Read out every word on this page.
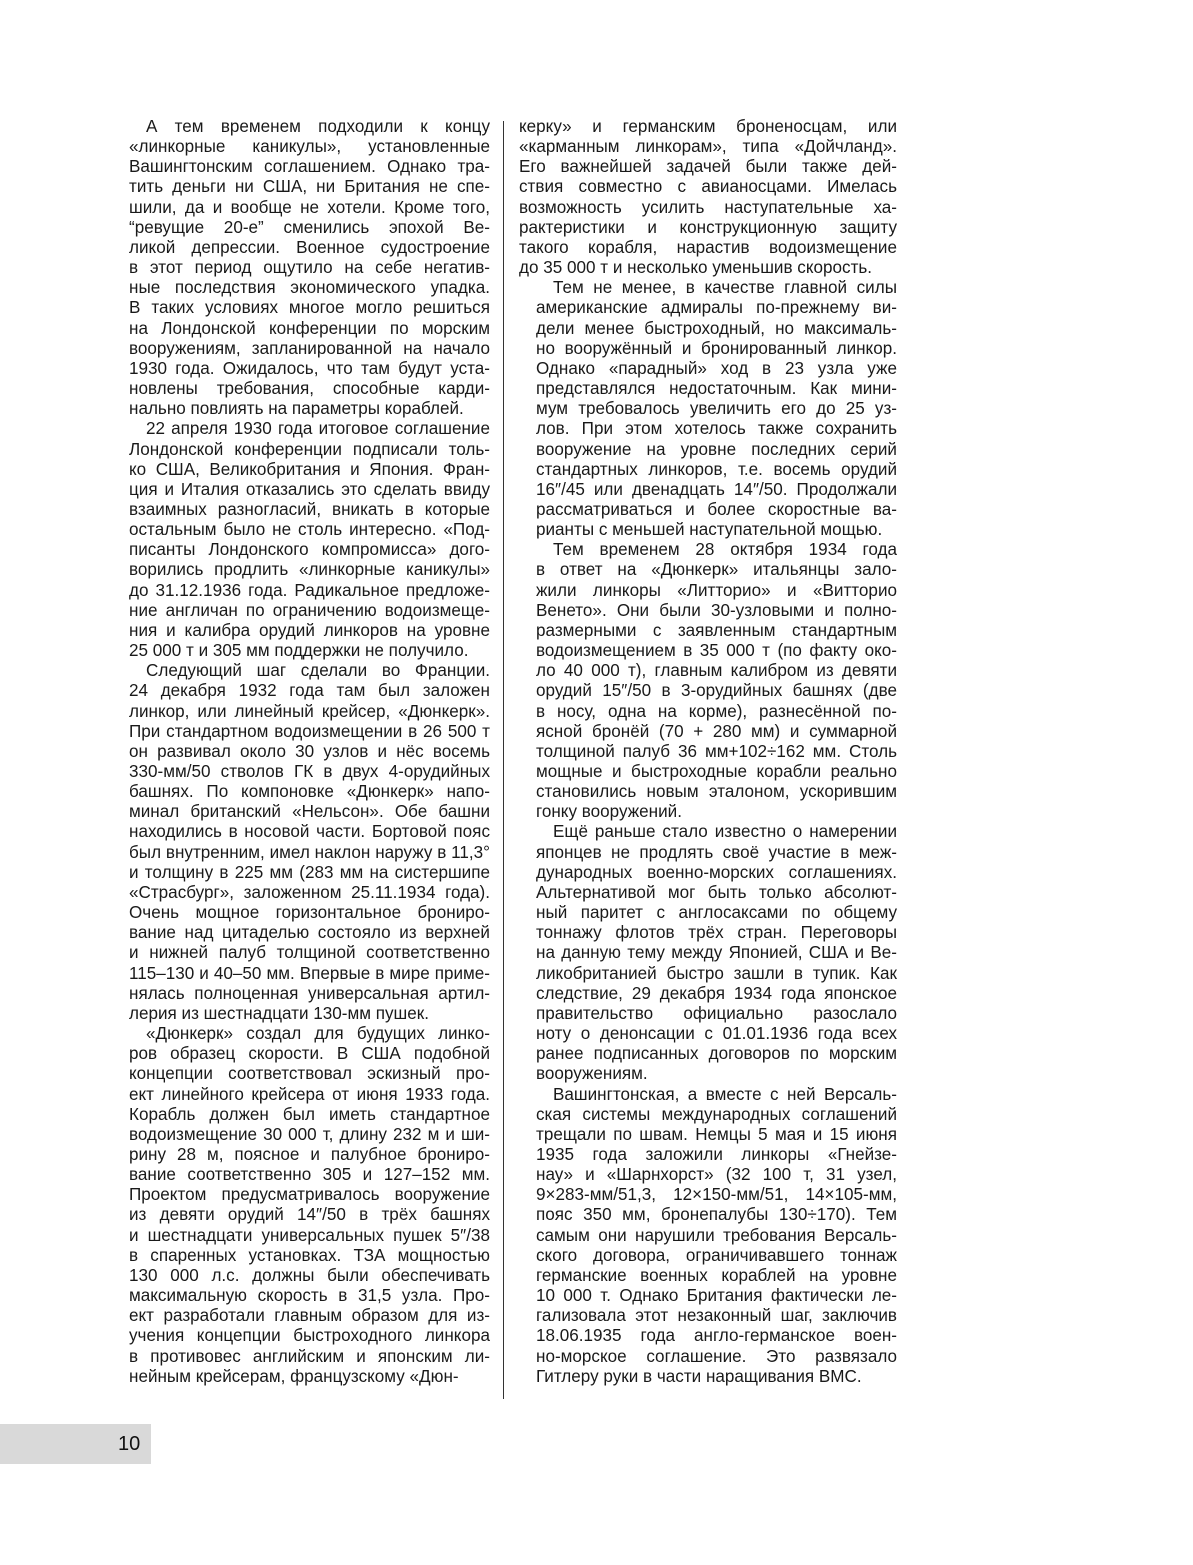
А тем временем подходили к концу
«линкорные каникулы», установленные
Вашингтонским соглашением. Однако тра-
тить деньги ни США, ни Британия не спе-
шили, да и вообще не хотели. Кроме того,
“ревущие 20-е” сменились эпохой Ве-
ликой депрессии. Военное судостроение
в этот период ощутило на себе негатив-
ные последствия экономического упадка.
В таких условиях многое могло решиться
на Лондонской конференции по морским
вооружениям, запланированной на начало
1930 года. Ожидалось, что там будут уста-
новлены требования, способные карди-
нально повлиять на параметры кораблей.

22 апреля 1930 года итоговое соглашение
Лондонской конференции подписали толь-
ко США, Великобритания и Япония. Фран-
ция и Италия отказались это сделать ввиду
взаимных разногласий, вникать в которые
остальным было не столь интересно. «Под-
писанты Лондонского компромисса» дого-
ворились продлить «линкорные каникулы»
до 31.12.1936 года. Радикальное предложе-
ние англичан по ограничению водоизмеще-
ния и калибра орудий линкоров на уровне
25 000 т и 305 мм поддержки не получило.

Следующий шаг сделали во Франции.
24 декабря 1932 года там был заложен
линкор, или линейный крейсер, «Дюнкерк».
При стандартном водоизмещении в 26 500 т
он развивал около 30 узлов и нёс восемь
330-мм/50 стволов ГК в двух 4-орудийных
башнях. По компоновке «Дюнкерк» напо-
минал британский «Нельсон». Обе башни
находились в носовой части. Бортовой пояс
был внутренним, имел наклон наружу в 11,3°
и толщину в 225 мм (283 мм на систершипе
«Страсбург», заложенном 25.11.1934 года).
Очень мощное горизонтальное брониро-
вание над цитаделью состояло из верхней
и нижней палуб толщиной соответственно
115–130 и 40–50 мм. Впервые в мире приме-
нялась полноценная универсальная артил-
лерия из шестнадцати 130-мм пушек.

«Дюнкерк» создал для будущих линко-
ров образец скорости. В США подобной
концепции соответствовал эскизный про-
ект линейного крейсера от июня 1933 года.
Корабль должен был иметь стандартное
водоизмещение 30 000 т, длину 232 м и ши-
рину 28 м, поясное и палубное брониро-
вание соответственно 305 и 127–152 мм.
Проектом предусматривалось вооружение
из девяти орудий 14″/50 в трёх башнях
и шестнадцати универсальных пушек 5″/38
в спаренных установках. ТЗА мощностью
130 000 л.с. должны были обеспечивать
максимальную скорость в 31,5 узла. Про-
ект разработали главным образом для из-
учения концепции быстроходного линкора
в противовес английским и японским ли-
нейным крейсерам, французскому «Дюн-

керку» и германским броненосцам, или
«карманным линкорам», типа «Дойчланд».
Его важнейшей задачей были также дей-
ствия совместно с авианосцами. Имелась
возможность усилить наступательные ха-
рактеристики и конструкционную защиту
такого корабля, нарастив водоизмещение
до 35 000 т и несколько уменьшив скорость.

Тем не менее, в качестве главной силы
американские адмиралы по-прежнему ви-
дели менее быстроходный, но максималь-
но вооружённый и бронированный линкор.
Однако «парадный» ход в 23 узла уже
представлялся недостаточным. Как мини-
мум требовалось увеличить его до 25 уз-
лов. При этом хотелось также сохранить
вооружение на уровне последних серий
стандартных линкоров, т.е. восемь орудий
16″/45 или двенадцать 14″/50. Продолжали
рассматриваться и более скоростные ва-
рианты с меньшей наступательной мощью.

Тем временем 28 октября 1934 года
в ответ на «Дюнкерк» итальянцы зало-
жили линкоры «Литторио» и «Витторио
Венето». Они были 30-узловыми и полно-
размерными с заявленным стандартным
водоизмещением в 35 000 т (по факту око-
ло 40 000 т), главным калибром из девяти
орудий 15″/50 в 3-орудийных башнях (две
в носу, одна на корме), разнесённой по-
ясной бронёй (70 + 280 мм) и суммарной
толщиной палуб 36 мм+102÷162 мм. Столь
мощные и быстроходные корабли реально
становились новым эталоном, ускорившим
гонку вооружений.

Ещё раньше стало известно о намерении
японцев не продлять своё участие в меж-
дународных военно-морских соглашениях.
Альтернативой мог быть только абсолют-
ный паритет с англосаксами по общему
тоннажу флотов трёх стран. Переговоры
на данную тему между Японией, США и Ве-
ликобританией быстро зашли в тупик. Как
следствие, 29 декабря 1934 года японское
правительство официально разослало
ноту о денонсации с 01.01.1936 года всех
ранее подписанных договоров по морским
вооружениям.

Вашингтонская, а вместе с ней Версаль-
ская системы международных соглашений
трещали по швам. Немцы 5 мая и 15 июня
1935 года заложили линкоры «Гнейзе-
нау» и «Шарнхорст» (32 100 т, 31 узел,
9×283-мм/51,3, 12×150-мм/51, 14×105-мм,
пояс 350 мм, бронепалубы 130÷170). Тем
самым они нарушили требования Версаль-
ского договора, ограничивавшего тоннаж
германские военных кораблей на уровне
10 000 т. Однако Британия фактически ле-
гализовала этот незаконный шаг, заключив
18.06.1935 года англо-германское воен-
но-морское соглашение. Это развязало
Гитлеру руки в части наращивания ВМС.

10
